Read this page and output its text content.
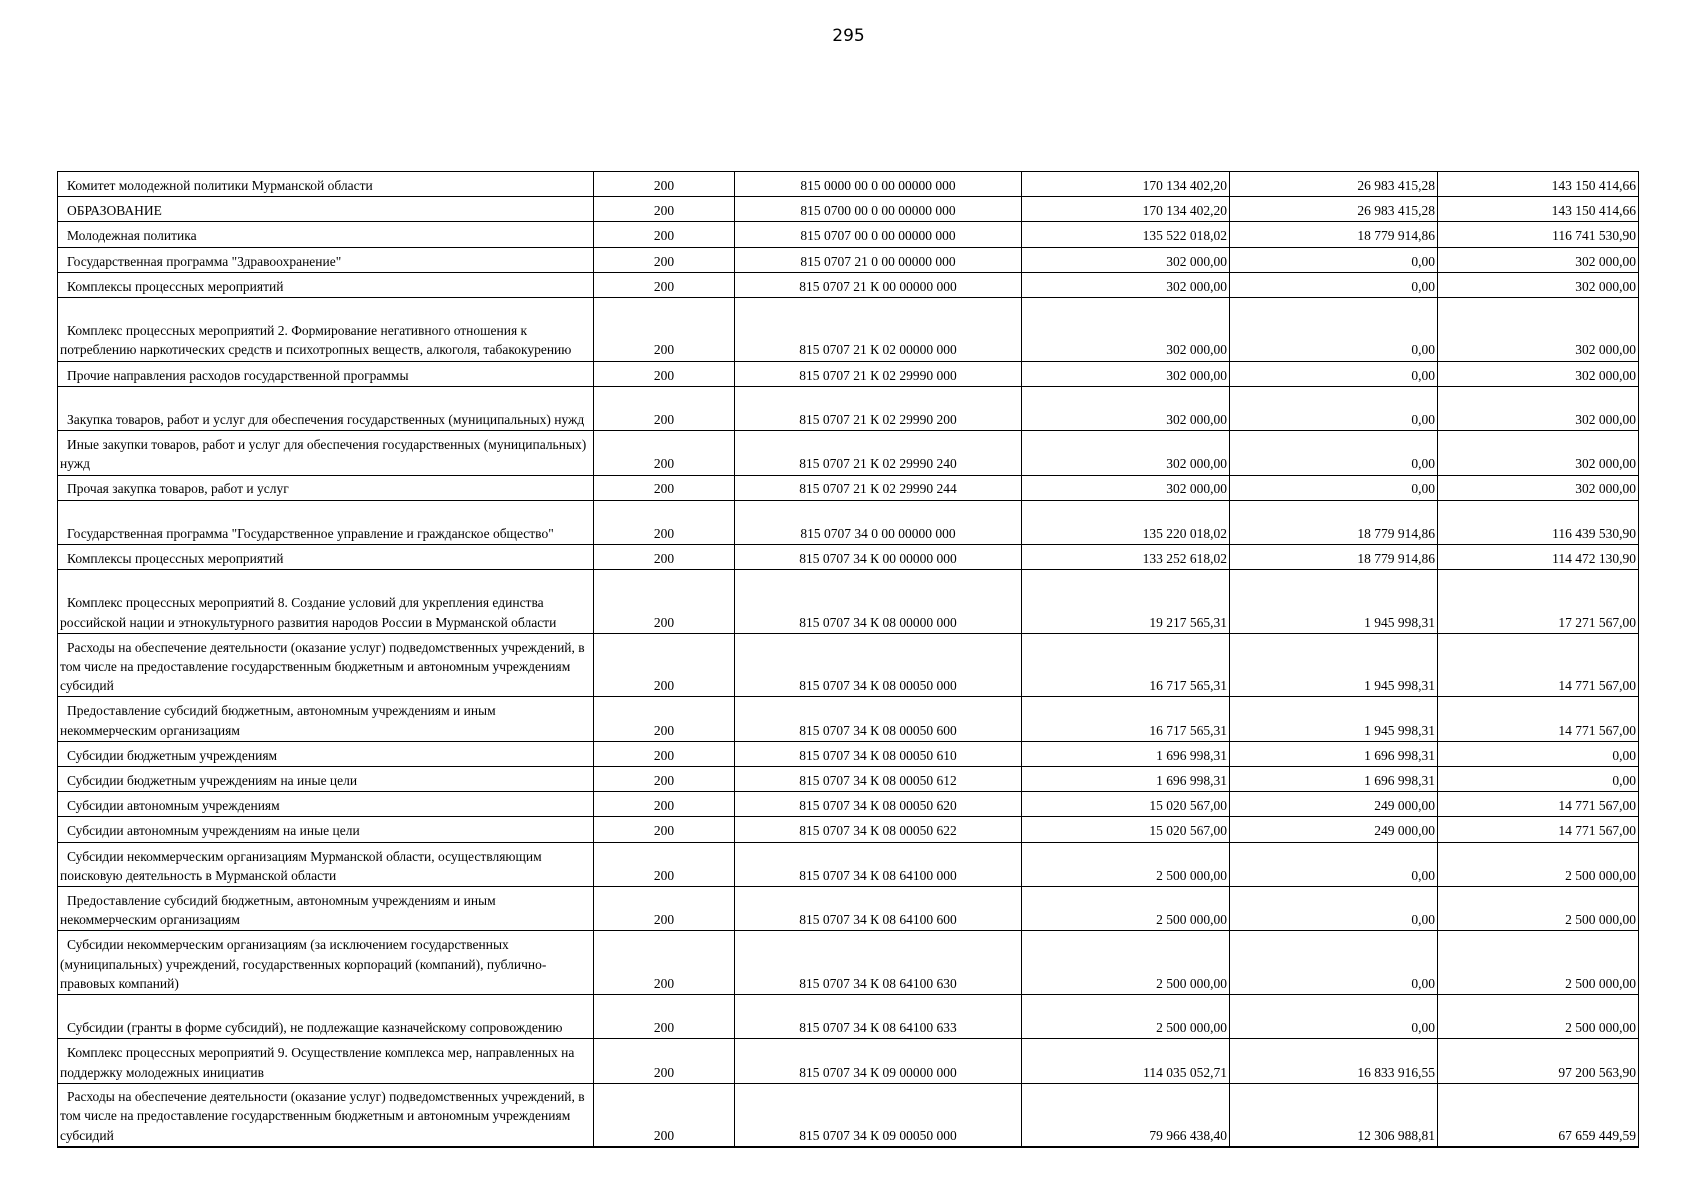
295
Комитет молодежной политики Мурманской области	200	815 0000 00 0 00 00000 000	170 134 402,20	26 983 415,28	143 150 414,66

ОБРАЗОВАНИЕ	200	815 0700 00 0 00 00000 000	170 134 402,20	26 983 415,28	143 150 414,66

Молодежная политика	200	815 0707 00 0 00 00000 000	135 522 018,02	18 779 914,86	116 741 530,90

Государственная программа "Здравоохранение"	200	815 0707 21 0 00 00000 000	302 000,00	0,00	302 000,00

Комплексы процессных мероприятий	200	815 0707 21 К 00 00000 000	302 000,00	0,00	302 000,00

Комплекс процессных мероприятий 2. Формирование негативного отношения к потреблению наркотических средств и психотропных веществ, алкоголя, табакокурению	200	815 0707 21 К 02 00000 000	302 000,00	0,00	302 000,00

Прочие направления расходов государственной программы	200	815 0707 21 К 02 29990 000	302 000,00	0,00	302 000,00

Закупка товаров, работ и услуг для обеспечения государственных (муниципальных) нужд	200	815 0707 21 К 02 29990 200	302 000,00	0,00	302 000,00

Иные закупки товаров, работ и услуг для обеспечения государственных (муниципальных) нужд	200	815 0707 21 К 02 29990 240	302 000,00	0,00	302 000,00

Прочая закупка товаров, работ и услуг	200	815 0707 21 К 02 29990 244	302 000,00	0,00	302 000,00

Государственная программа "Государственное управление и гражданское общество"	200	815 0707 34 0 00 00000 000	135 220 018,02	18 779 914,86	116 439 530,90

Комплексы процессных мероприятий	200	815 0707 34 К 00 00000 000	133 252 618,02	18 779 914,86	114 472 130,90

Комплекс процессных мероприятий 8. Создание условий для укрепления единства российской нации и этнокультурного развития народов России в Мурманской области	200	815 0707 34 К 08 00000 000	19 217 565,31	1 945 998,31	17 271 567,00

Расходы на обеспечение деятельности (оказание услуг) подведомственных учреждений, в том числе на предоставление государственным бюджетным и автономным учреждениям субсидий	200	815 0707 34 К 08 00050 000	16 717 565,31	1 945 998,31	14 771 567,00

Предоставление субсидий бюджетным, автономным учреждениям и иным некоммерческим организациям	200	815 0707 34 К 08 00050 600	16 717 565,31	1 945 998,31	14 771 567,00

Субсидии бюджетным учреждениям	200	815 0707 34 К 08 00050 610	1 696 998,31	1 696 998,31	0,00

Субсидии бюджетным учреждениям на иные цели	200	815 0707 34 К 08 00050 612	1 696 998,31	1 696 998,31	0,00

Субсидии автономным учреждениям	200	815 0707 34 К 08 00050 620	15 020 567,00	249 000,00	14 771 567,00

Субсидии автономным учреждениям на иные цели	200	815 0707 34 К 08 00050 622	15 020 567,00	249 000,00	14 771 567,00

Субсидии некоммерческим организациям Мурманской области, осуществляющим поисковую деятельность в Мурманской области	200	815 0707 34 К 08 64100 000	2 500 000,00	0,00	2 500 000,00

Предоставление субсидий бюджетным, автономным учреждениям и иным некоммерческим организациям	200	815 0707 34 К 08 64100 600	2 500 000,00	0,00	2 500 000,00

Субсидии некоммерческим организациям (за исключением государственных (муниципальных) учреждений, государственных корпораций (компаний), публично-правовых компаний)	200	815 0707 34 К 08 64100 630	2 500 000,00	0,00	2 500 000,00

Субсидии (гранты в форме субсидий), не подлежащие казначейскому сопровождению	200	815 0707 34 К 08 64100 633	2 500 000,00	0,00	2 500 000,00

Комплекс процессных мероприятий 9. Осуществление комплекса мер, направленных на поддержку молодежных инициатив	200	815 0707 34 К 09 00000 000	114 035 052,71	16 833 916,55	97 200 563,90

Расходы на обеспечение деятельности (оказание услуг) подведомственных учреждений, в том числе на предоставление государственным бюджетным и автономным учреждениям субсидий	200	815 0707 34 К 09 00050 000	79 966 438,40	12 306 988,81	67 659 449,59
